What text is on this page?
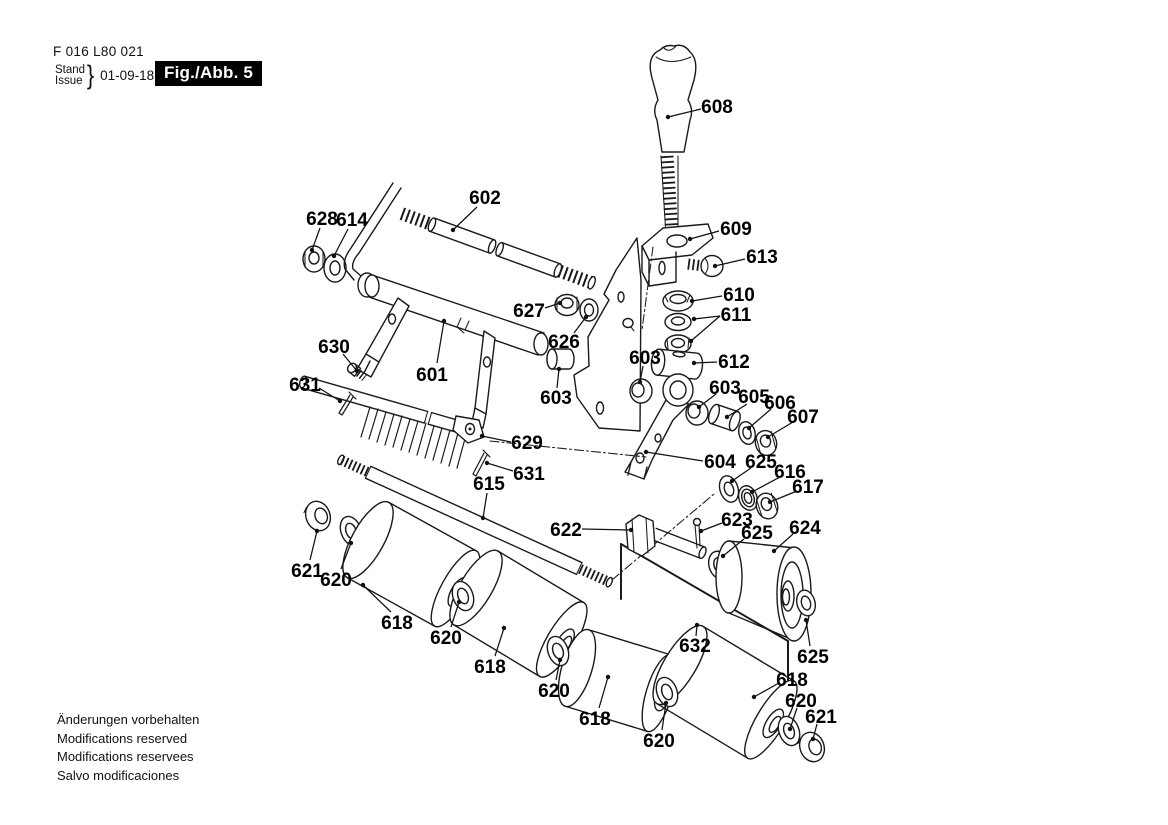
608
602
628
614	609
613
610
611
612
627
626
601
630
631
603
603	603
605
606
607
604 625
616
617
629
631
615
622	623
625 624
621
620
618
620
618
632
625
618
620
620
618
620
621
F 016 L80 021
Stand
Issue } 01-09-18 Fig./Abb. 5
Änderungen vorbehalten
Modifications reserved
Modifications reservees
Salvo modificaciones
